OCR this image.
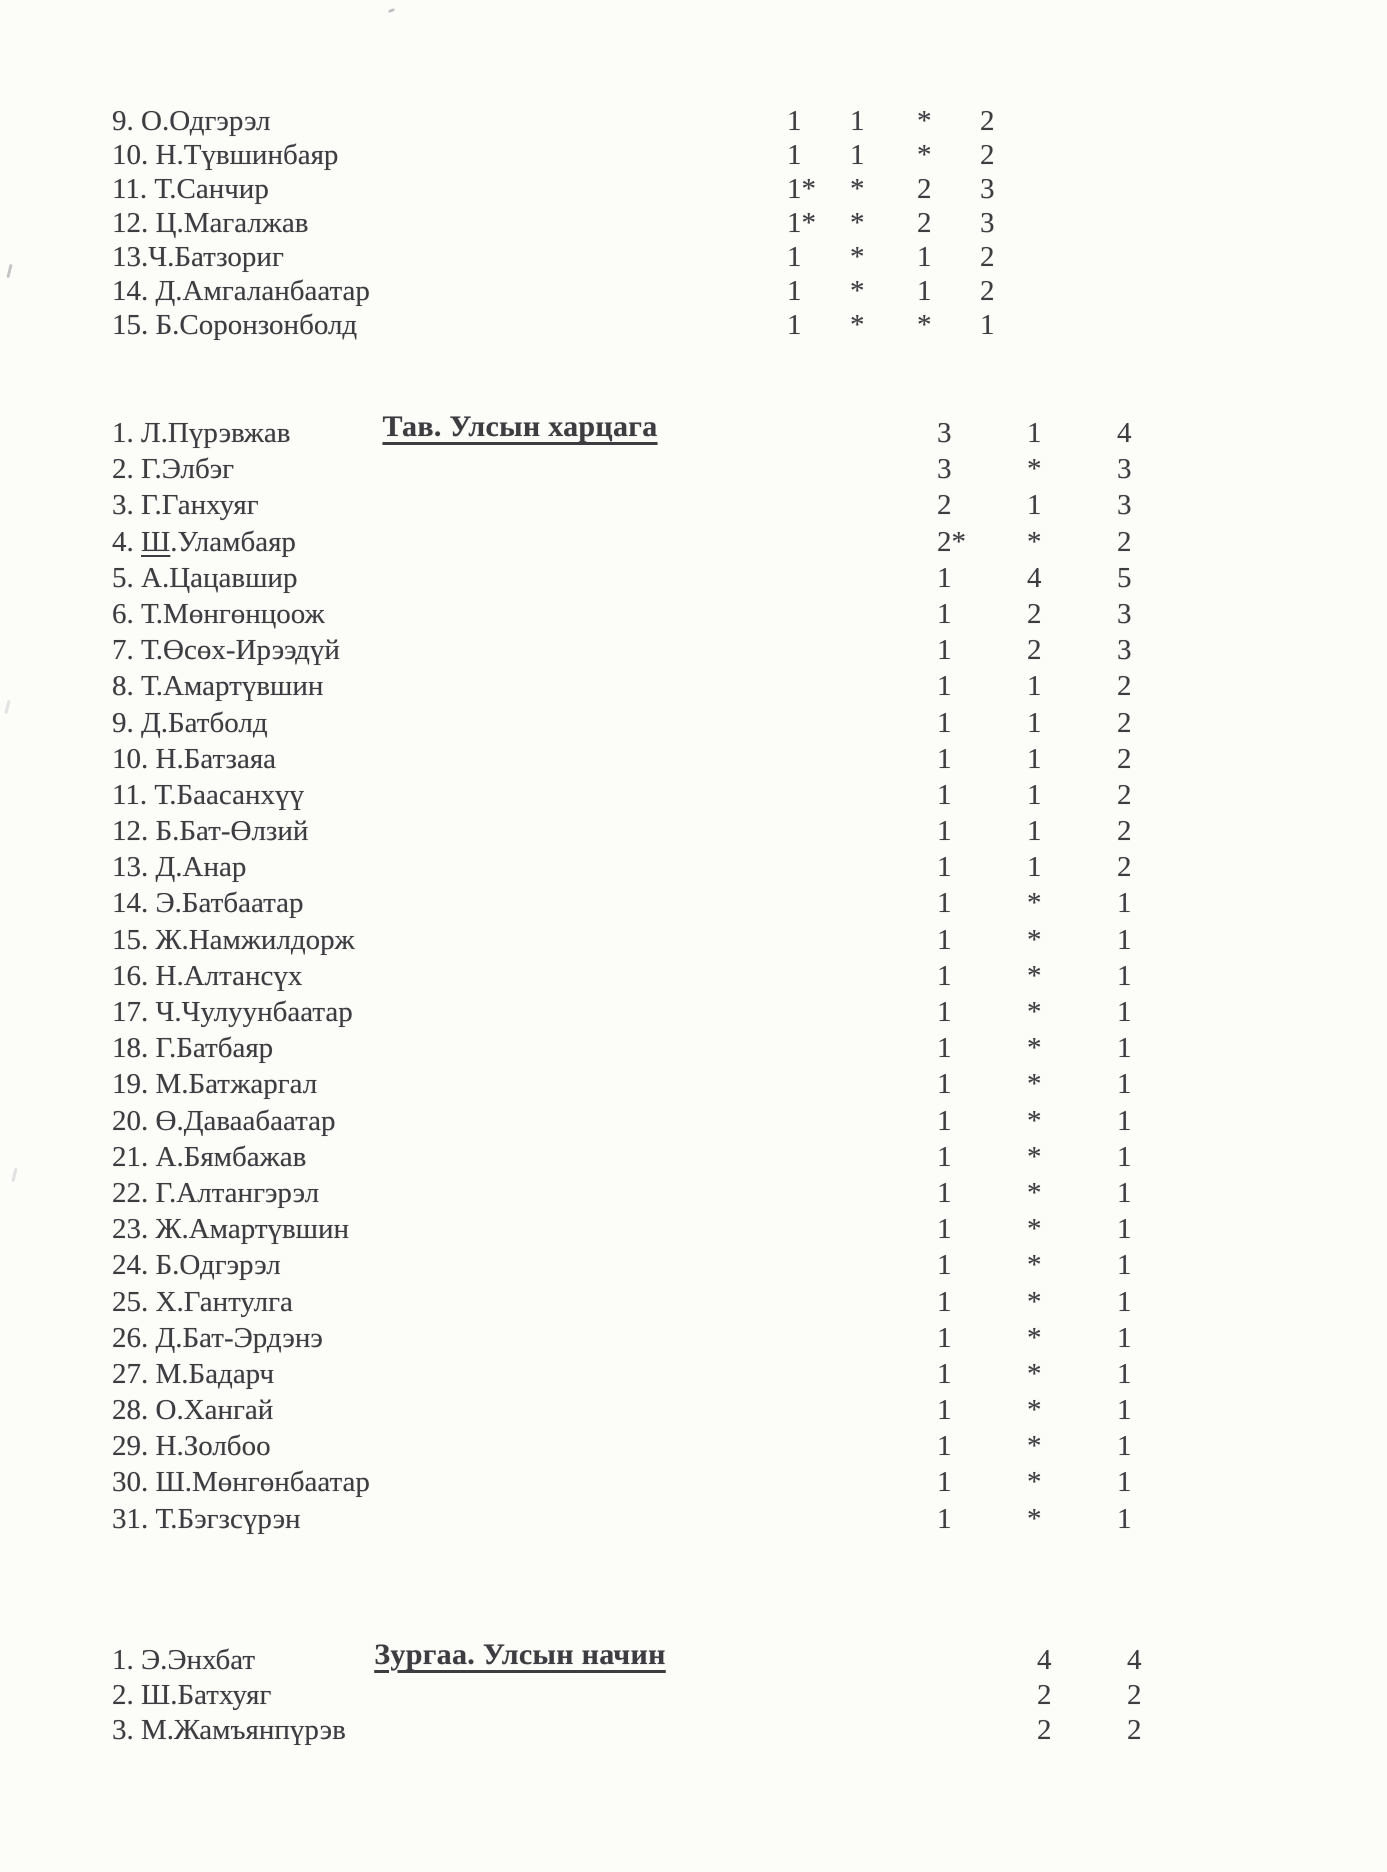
9. О.Одгэрэл	1 1 * 2
10. Н.Түвшинбаяр	1 1 * 2
11. Т.Санчир	1* * 2 3
12. Ц.Магалжав	1* * 2 3
13.Ч.Батзориг	1 * 1 2
14. Д.Амгаланбаатар	1 * 1 2
15. Б.Соронзонболд	1 * * 1
Тав. Улсын харцага
1. Л.Пүрэвжав	3	1	4
2. Г.Элбэг	3	*	3
3. Г.Ганхуяг	2	1	3
4. Ш.Уламбаяр	2* *	2
5. А.Цацавшир	1	4	5
6. Т.Мөнгөнцоож	1	2	3
7. Т.Өсөх-Ирээдүй	1	2	3
8. Т.Амартүвшин	1	1	2
9. Д.Батболд	1	1	2
10. Н.Батзаяа	1	1	2
11. Т.Баасанхүү	1	1	2
12. Б.Бат-Өлзий	1	1	2
13. Д.Анар	1	1	2
14. Э.Батбаатар	1	*	1
15. Ж.Намжилдорж	1	*	1
16. Н.Алтансүх	1	*	1
17. Ч.Чулуунбаатар	1	*	1
18. Г.Батбаяр	1	*	1
19. М.Батжаргал	1	*	1
20. Ө.Даваабаатар	1	*	1
21. А.Бямбажав	1	*	1
22. Г.Алтангэрэл	1	*	1
23. Ж.Амартүвшин	1	*	1
24. Б.Одгэрэл	1	*	1
25. Х.Гантулга	1	*	1
26. Д.Бат-Эрдэнэ	1	*	1
27. М.Бадарч	1	*	1
28. О.Хангай	1	*	1
29. Н.Золбоо	1	*	1
30. Ш.Мөнгөнбаатар	1	*	1
31. Т.Бэгзсүрэн	1	*	1
Зургаа. Улсын начин
1. Э.Энхбат	4	4
2. Ш.Батхуяг	2	2
3. М.Жамъянпүрэв	2	2
